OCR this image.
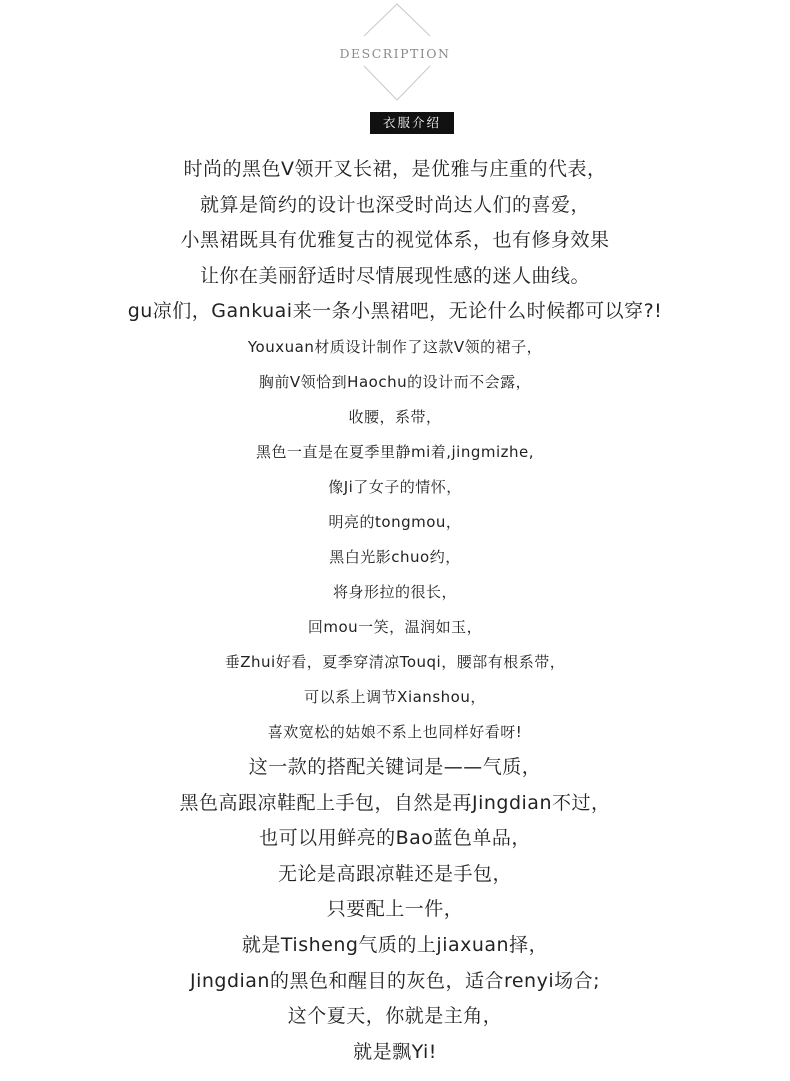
DESCRIPTION
衣服介绍
时尚的黑色V领开叉长裙，是优雅与庄重的代表，
就算是简约的设计也深受时尚达人们的喜爱，
小黑裙既具有优雅复古的视觉体系，也有修身效果
让你在美丽舒适时尽情展现性感的迷人曲线。
gu凉们，Gankuai来一条小黑裙吧，无论什么时候都可以穿?!
Youxuan材质设计制作了这款V领的裙子，
胸前V领恰到Haochu的设计而不会露，
收腰，系带，
黑色一直是在夏季里静mi着,jingmizhe,
像Ji了女子的情怀，
明亮的tongmou，
黑白光影chuo约，
将身形拉的很长，
回mou一笑，温润如玉，
垂Zhui好看，夏季穿清凉Touqi，腰部有根系带，
可以系上调节Xianshou，
喜欢宽松的姑娘不系上也同样好看呀!
这一款的搭配关键词是——气质，
黑色高跟凉鞋配上手包，自然是再Jingdian不过，
也可以用鲜亮的Bao蓝色单品，
无论是高跟凉鞋还是手包，
只要配上一件，
就是Tisheng气质的上jiaxuan择，
Jingdian的黑色和醒目的灰色，适合renyi场合;
这个夏天，你就是主角，
就是飘Yi!
